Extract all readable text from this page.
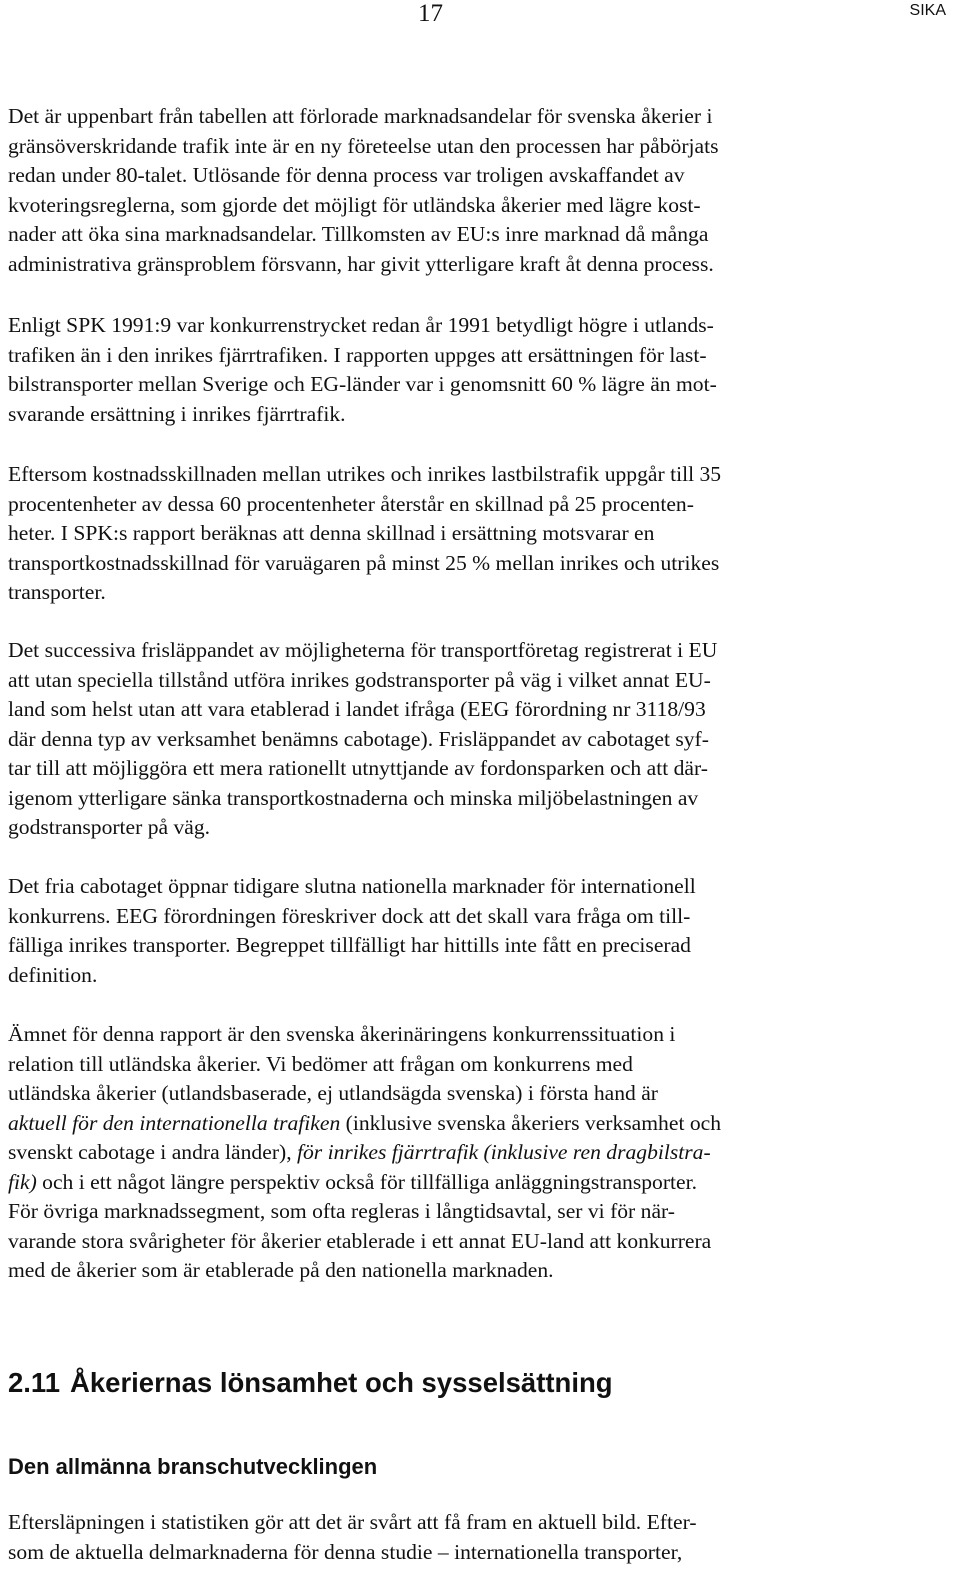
17	SIKA

Det är uppenbart från tabellen att förlorade marknadsandelar för svenska åkerier i
gränsöverskridande trafik inte är en ny företeelse utan den processen har påbörjats
redan under 80-talet. Utlösande för denna process var troligen avskaffandet av
kvoteringsreglerna, som gjorde det möjligt för utländska åkerier med lägre kost-
nader att öka sina marknadsandelar. Tillkomsten av EU:s inre marknad då många
administrativa gränsproblem försvann, har givit ytterligare kraft åt denna process.

Enligt SPK 1991:9 var konkurrenstrycket redan år 1991 betydligt högre i utlands-
trafiken än i den inrikes fjärrtrafiken. I rapporten uppges att ersättningen för last-
bilstransporter mellan Sverige och EG-länder var i genomsnitt 60 % lägre än mot-
svarande ersättning i inrikes fjärrtrafik.

Eftersom kostnadsskillnaden mellan utrikes och inrikes lastbilstrafik uppgår till 35
procentenheter av dessa 60 procentenheter återstår en skillnad på 25 procenten-
heter. I SPK:s rapport beräknas att denna skillnad i ersättning motsvarar en
transportkostnadsskillnad för varuägaren på minst 25 % mellan inrikes och utrikes
transporter.

Det successiva frisläppandet av möjligheterna för transportföretag registrerat i EU
att utan speciella tillstånd utföra inrikes godstransporter på väg i vilket annat EU-
land som helst utan att vara etablerad i landet ifråga (EEG förordning nr 3118/93
där denna typ av verksamhet benämns cabotage). Frisläppandet av cabotaget syf-
tar till att möjliggöra ett mera rationellt utnyttjande av fordonsparken och att där-
igenom ytterligare sänka transportkostnaderna och minska miljöbelastningen av
godstransporter på väg.

Det fria cabotaget öppnar tidigare slutna nationella marknader för internationell
konkurrens. EEG förordningen föreskriver dock att det skall vara fråga om till-
fälliga inrikes transporter. Begreppet tillfälligt har hittills inte fått en preciserad
definition.

Ämnet för denna rapport är den svenska åkerinäringens konkurrenssituation i
relation till utländska åkerier. Vi bedömer att frågan om konkurrens med
utländska åkerier (utlandsbaserade, ej utlandsägda svenska) i första hand är
aktuell för den internationella trafiken (inklusive svenska åkeriers verksamhet och
svenskt cabotage i andra länder), för inrikes fjärrtrafik (inklusive ren dragbilstra-
fik) och i ett något längre perspektiv också för tillfälliga anläggningstransporter.
För övriga marknadssegment, som ofta regleras i långtidsavtal, ser vi för när-
varande stora svårigheter för åkerier etablerade i ett annat EU-land att konkurrera
med de åkerier som är etablerade på den nationella marknaden.

2.11 Åkeriernas lönsamhet och sysselsättning
Den allmänna branschutvecklingen

Eftersläpningen i statistiken gör att det är svårt att få fram en aktuell bild. Efter-
som de aktuella delmarknaderna för denna studie – internationella transporter,
